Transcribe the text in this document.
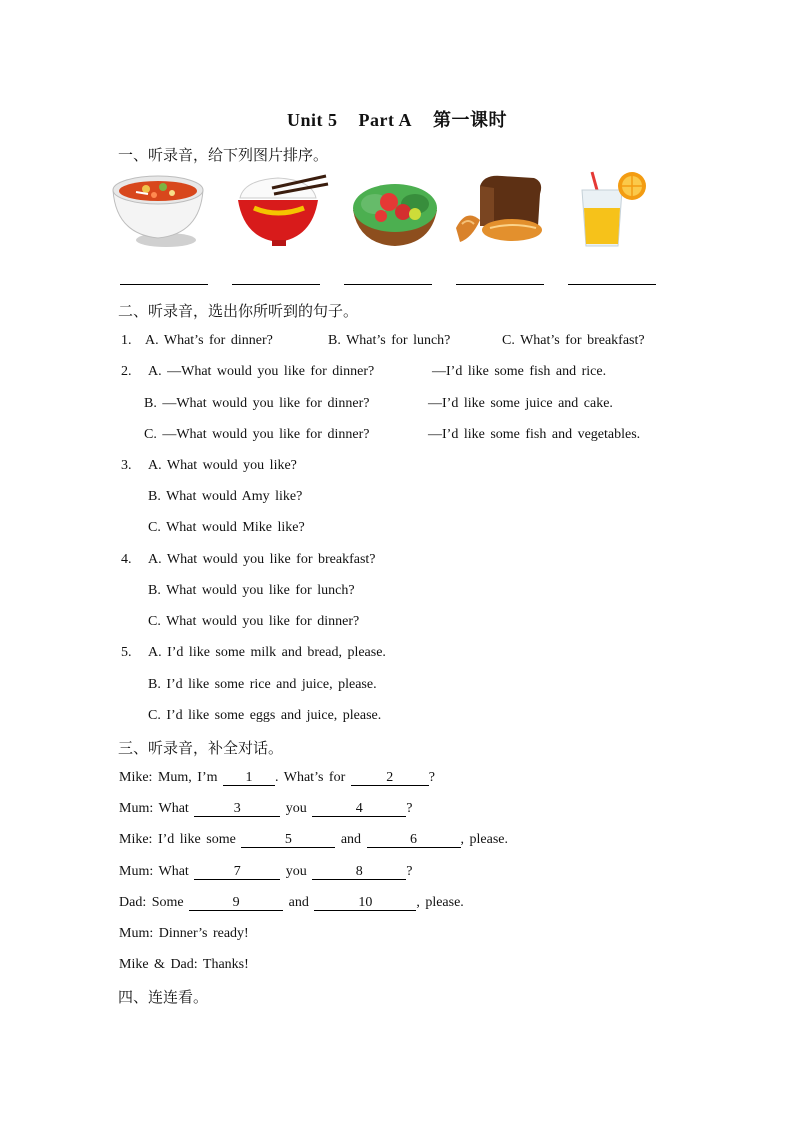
Unit 5 Part A 第一课时
一、听录音，给下列图片排序。
二、听录音，选出你所听到的句子。
1. A. What’s for dinner?	B. What’s for lunch?	C. What’s for breakfast?
2. A. —What would you like for dinner?	—I’d like some fish and rice.
B. —What would you like for dinner?	—I’d like some juice and cake.
C. —What would you like for dinner?	—I’d like some fish and vegetables.
3. A. What would you like?
B. What would Amy like?
C. What would Mike like?
4. A. What would you like for breakfast?
B. What would you like for lunch?
C. What would you like for dinner?
5. A. I’d like some milk and bread, please.
B. I’d like some rice and juice, please.
C. I’d like some eggs and juice, please.
三、听录音，补全对话。
Mike: Mum, I’m 1 . What’s for	2	?
Mum: What	3	you	4	?
Mike: I’d like some	5	and	6	, please.
Mum: What	7	you	8	?
Dad: Some	9	and	10	, please.
Mum: Dinner’s ready!
Mike & Dad: Thanks!
四、连连看。
